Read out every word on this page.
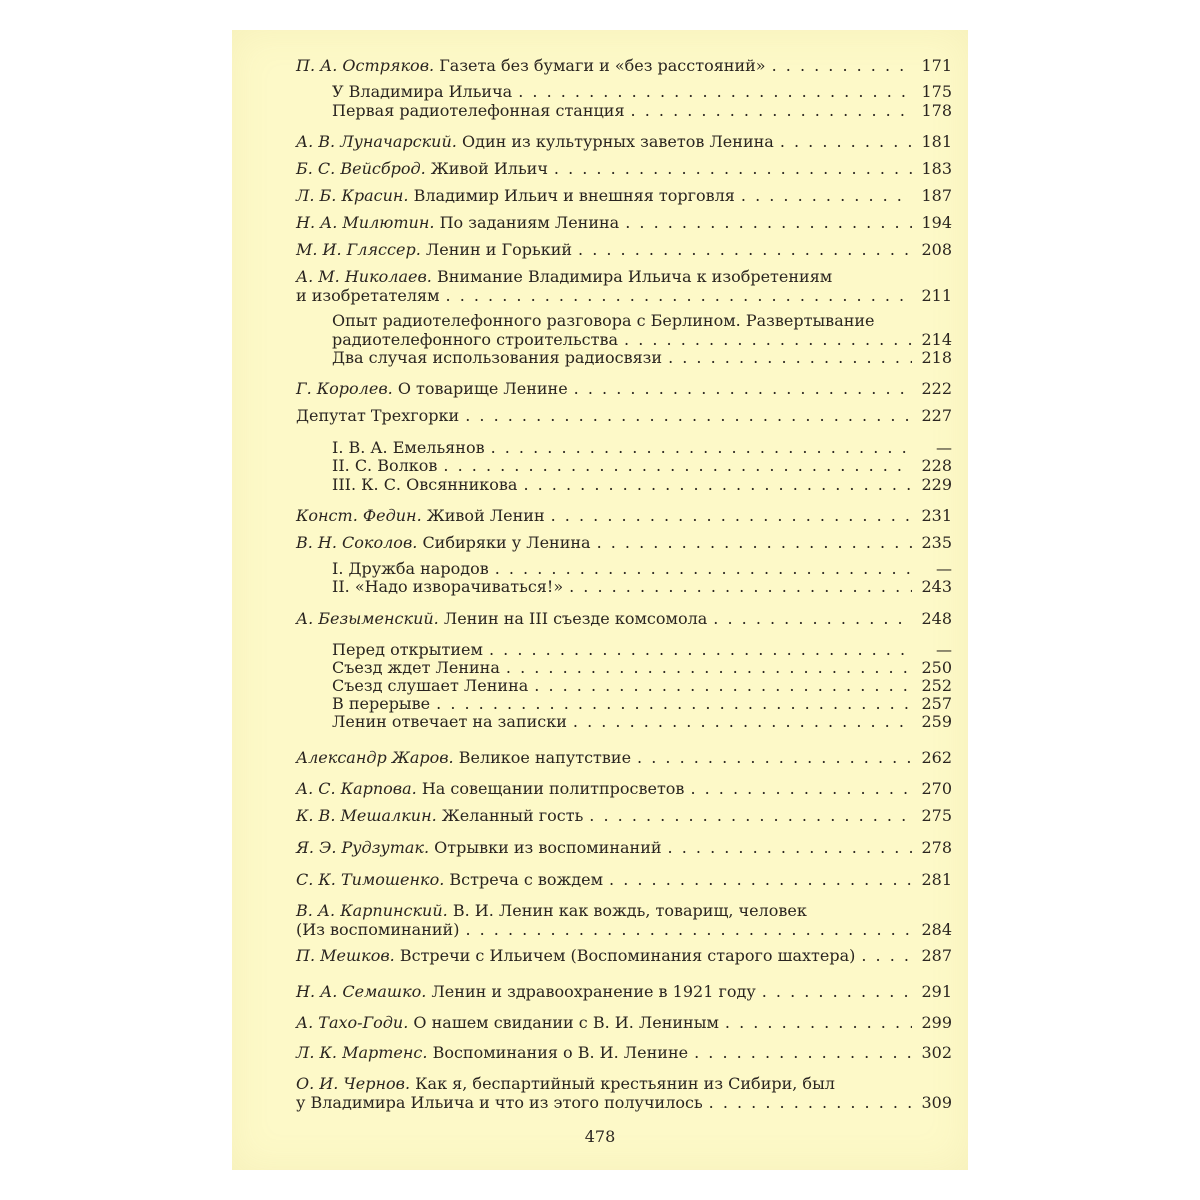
П. А. Остряков. Газета без бумаги и «без расстояний» . . .	171
У Владимира Ильича . . .	175
Первая радиотелефонная станция . . .	178
А. В. Луначарский. Один из культурных заветов Ленина . . .	181
Б. С. Вейсброд. Живой Ильич . . .	183
Л. Б. Красин. Владимир Ильич и внешняя торговля . . .	187
Н. А. Милютин. По заданиям Ленина . . .	194
М. И. Гляссер. Ленин и Горький . . .	208
А. М. Николаев. Внимание Владимира Ильича к изобретениям
и изобретателям . . .	211
Опыт радиотелефонного разговора с Берлином. Развертывание
радиотелефонного строительства . . .	214
Два случая использования радиосвязи . . .	218
Г. Королев. О товарище Ленине . . .	222
Депутат Трехгорки . . .	227
I. В. А. Емельянов . . .	—
II. С. Волков . . .	228
III. К. С. Овсянникова . . .	229
Конст. Федин. Живой Ленин . . .	231
В. Н. Соколов. Сибиряки у Ленина . . .	235
I. Дружба народов . . .	—
II. «Надо изворачиваться!» . . .	243
А. Безыменский. Ленин на III съезде комсомола . . .	248
Перед открытием . . .	—
Съезд ждет Ленина . . .	250
Съезд слушает Ленина . . .	252
В перерыве . . .	257
Ленин отвечает на записки . . .	259
Александр Жаров. Великое напутствие . . .	262
А. С. Карпова. На совещании политпросветов . . .	270
К. В. Мешалкин. Желанный гость . . .	275
Я. Э. Рудзутак. Отрывки из воспоминаний . . .	278
С. К. Тимошенко. Встреча с вождем . . .	281
В. А. Карпинский. В. И. Ленин как вождь, товарищ, человек
(Из воспоминаний) . . .	284
П. Мешков. Встречи с Ильичем (Воспоминания старого шахтера) . . .	287
Н. А. Семашко. Ленин и здравоохранение в 1921 году . . .	291
А. Тахо-Годи. О нашем свидании с В. И. Лениным . . .	299
Л. К. Мартенс. Воспоминания о В. И. Ленине . . .	302
О. И. Чернов. Как я, беспартийный крестьянин из Сибири, был
у Владимира Ильича и что из этого получилось . . .	309
478
